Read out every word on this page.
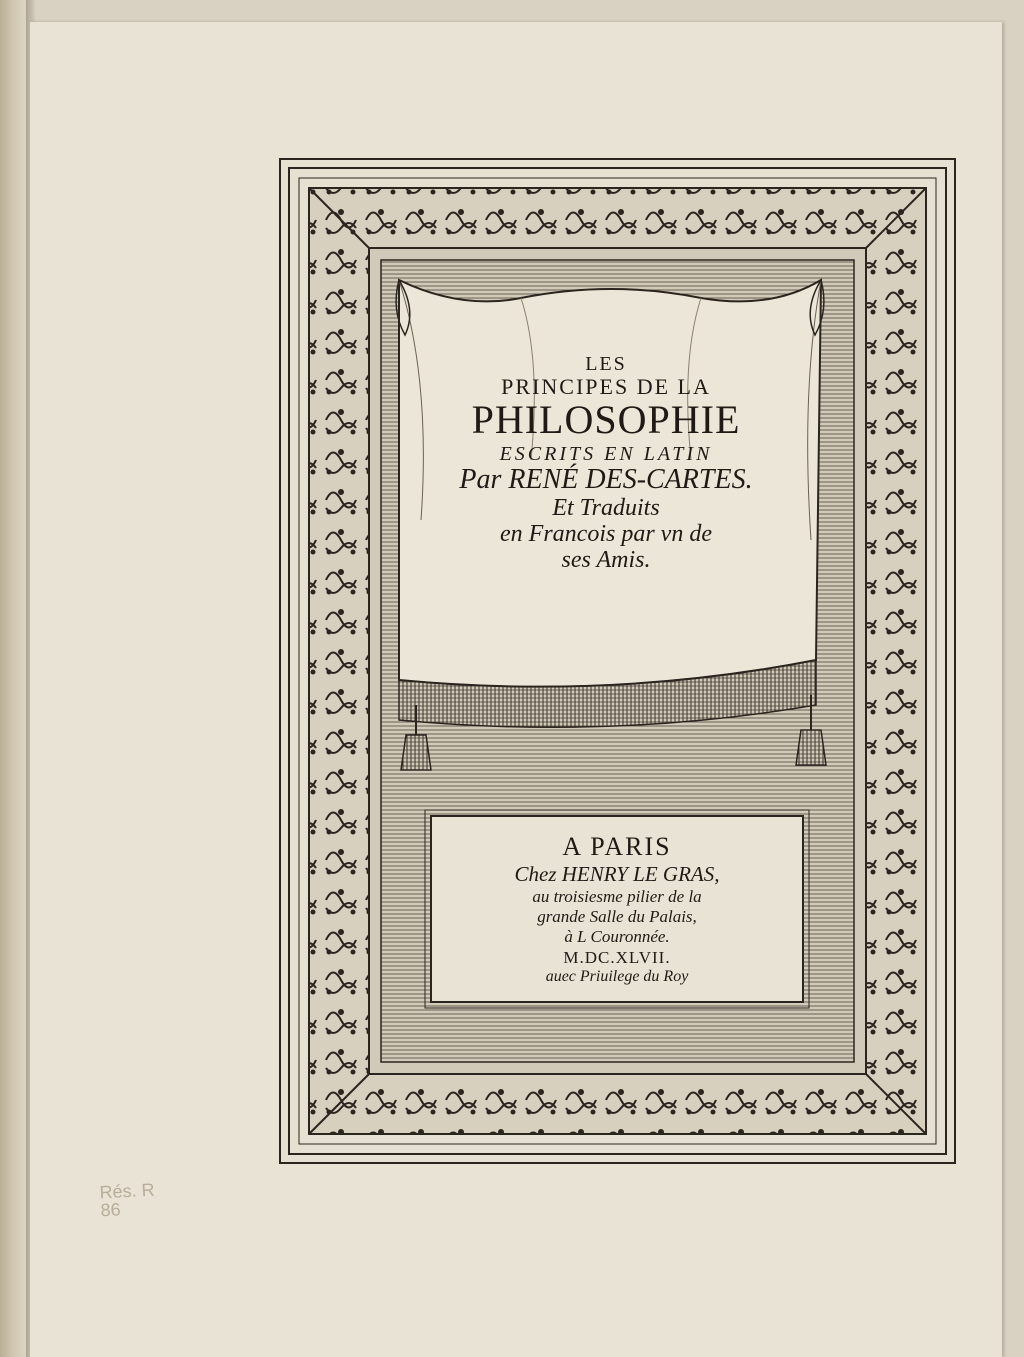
LES
PRINCIPES DE LA
PHILOSOPHIE
ESCRITS EN LATIN
Par RENÉ DES-CARTES.
Et Traduits
en Francois par vn de
ses Amis.
A PARIS
Chez HENRY LE GRAS,
au troisiesme pilier de la
grande Salle du Palais,
à L Couronnée.
M.DC.XLVII.
auec Priuilege du Roy
Rés. R
86
